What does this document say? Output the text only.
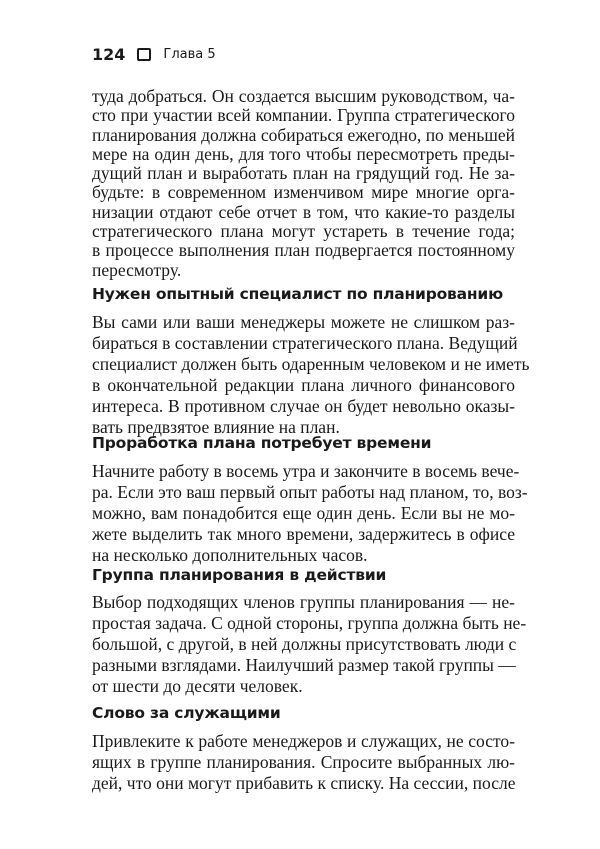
124	Глава 5
туда добраться. Он создается высшим руководством, ча-
сто при участии всей компании. Группа стратегического
планирования должна собираться ежегодно, по меньшей
мере на один день, для того чтобы пересмотреть преды-
дущий план и выработать план на грядущий год. Не за-
будьте: в современном изменчивом мире многие орга-
низации отдают себе отчет в том, что какие-то разделы
стратегического плана могут устареть в течение года;
в процессе выполнения план подвергается постоянному
пересмотру.
Нужен опытный специалист по планированию
Вы сами или ваши менеджеры можете не слишком раз-
бираться в составлении стратегического плана. Ведущий
специалист должен быть одаренным человеком и не иметь
в окончательной редакции плана личного финансового
интереса. В противном случае он будет невольно оказы-
вать предвзятое влияние на план.
Проработка плана потребует времени
Начните работу в восемь утра и закончите в восемь вече-
ра. Если это ваш первый опыт работы над планом, то, воз-
можно, вам понадобится еще один день. Если вы не мо-
жете выделить так много времени, задержитесь в офисе
на несколько дополнительных часов.
Группа планирования в действии
Выбор подходящих членов группы планирования — не-
простая задача. С одной стороны, группа должна быть не-
большой, с другой, в ней должны присутствовать люди с
разными взглядами. Наилучший размер такой группы —
от шести до десяти человек.
Слово за служащими
Привлеките к работе менеджеров и служащих, не состо-
ящих в группе планирования. Спросите выбранных лю-
дей, что они могут прибавить к списку. На сессии, после
